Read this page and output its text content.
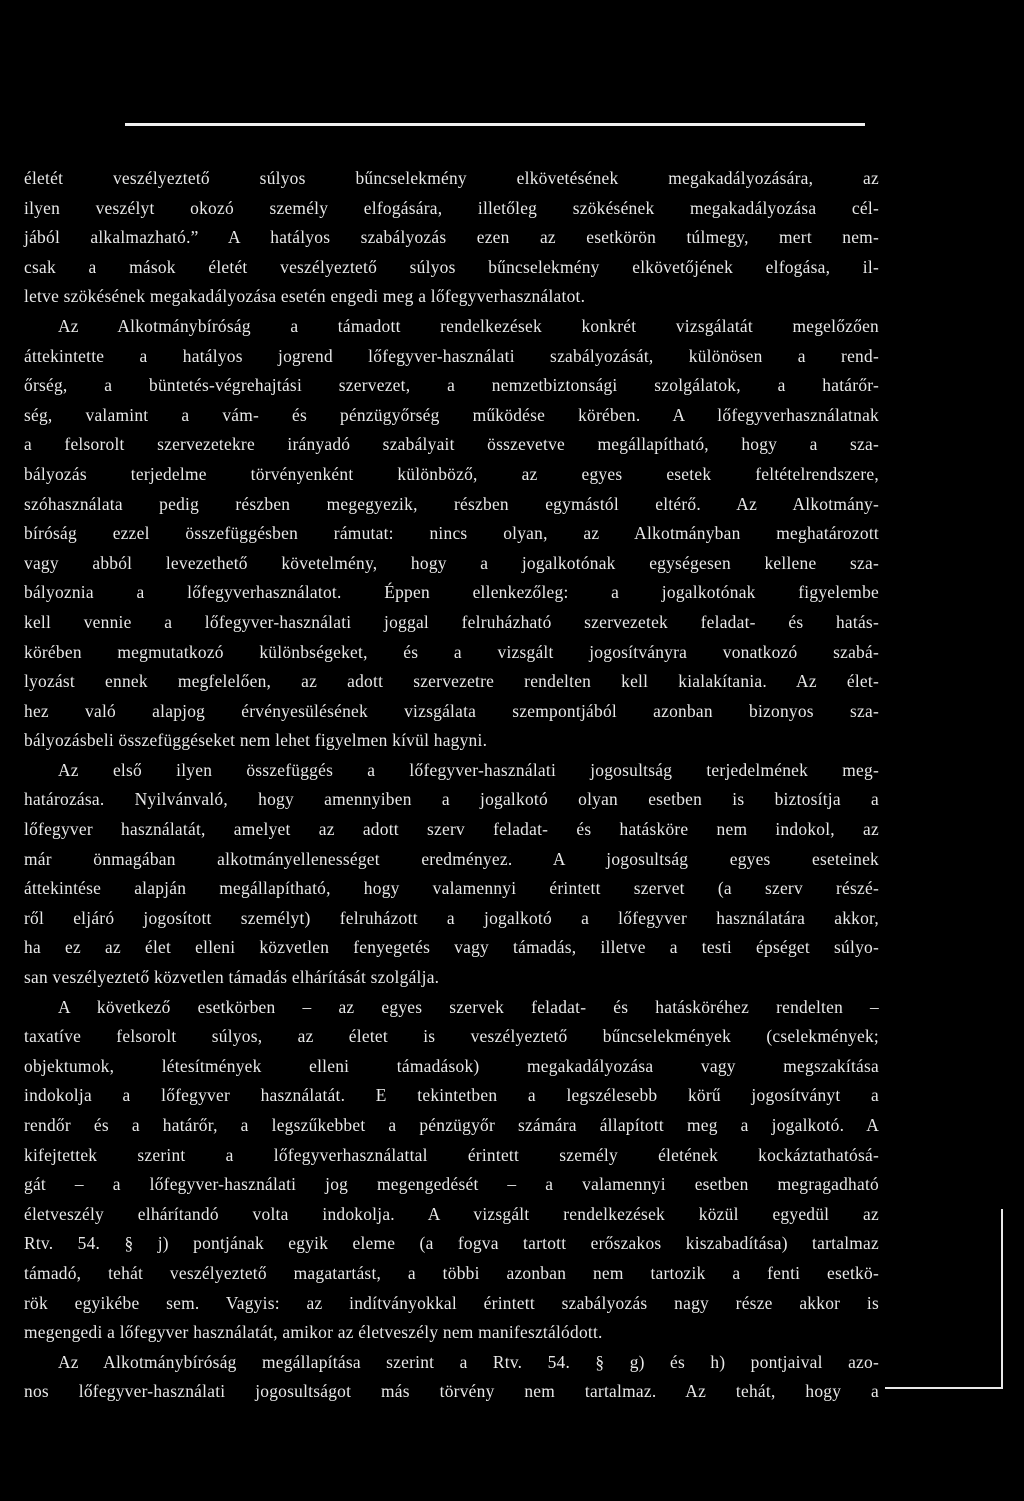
életét veszélyeztető súlyos bűncselekmény elkövetésének megakadályozására, az
ilyen veszélyt okozó személy elfogására, illetőleg szökésének megakadályozása cél-
jából alkalmazható.” A hatályos szabályozás ezen az esetkörön túlmegy, mert nem-
csak a mások életét veszélyeztető súlyos bűncselekmény elkövetőjének elfogása, il-
letve szökésének megakadályozása esetén engedi meg a lőfegyverhasználatot.
Az Alkotmánybíróság a támadott rendelkezések konkrét vizsgálatát megelőzően
áttekintette a hatályos jogrend lőfegyver-használati szabályozását, különösen a rend-
őrség, a büntetés-végrehajtási szervezet, a nemzetbiztonsági szolgálatok, a határőr-
ség, valamint a vám- és pénzügyőrség működése körében. A lőfegyverhasználatnak
a felsorolt szervezetekre irányadó szabályait összevetve megállapítható, hogy a sza-
bályozás terjedelme törvényenként különböző, az egyes esetek feltételrendszere,
szóhasználata pedig részben megegyezik, részben egymástól eltérő. Az Alkotmány-
bíróság ezzel összefüggésben rámutat: nincs olyan, az Alkotmányban meghatározott
vagy abból levezethető követelmény, hogy a jogalkotónak egységesen kellene sza-
bályoznia a lőfegyverhasználatot. Éppen ellenkezőleg: a jogalkotónak figyelembe
kell vennie a lőfegyver-használati joggal felruházható szervezetek feladat- és hatás-
körében megmutatkozó különbségeket, és a vizsgált jogosítványra vonatkozó szabá-
lyozást ennek megfelelően, az adott szervezetre rendelten kell kialakítania. Az élet-
hez való alapjog érvényesülésének vizsgálata szempontjából azonban bizonyos sza-
bályozásbeli összefüggéseket nem lehet figyelmen kívül hagyni.
Az első ilyen összefüggés a lőfegyver-használati jogosultság terjedelmének meg-
határozása. Nyilvánvaló, hogy amennyiben a jogalkotó olyan esetben is biztosítja a
lőfegyver használatát, amelyet az adott szerv feladat- és hatásköre nem indokol, az
már önmagában alkotmányellenességet eredményez. A jogosultság egyes eseteinek
áttekintése alapján megállapítható, hogy valamennyi érintett szervet (a szerv részé-
ről eljáró jogosított személyt) felruházott a jogalkotó a lőfegyver használatára akkor,
ha ez az élet elleni közvetlen fenyegetés vagy támadás, illetve a testi épséget súlyo-
san veszélyeztető közvetlen támadás elhárítását szolgálja.
A következő esetkörben – az egyes szervek feladat- és hatásköréhez rendelten –
taxatíve felsorolt súlyos, az életet is veszélyeztető bűncselekmények (cselekmények;
objektumok, létesítmények elleni támadások) megakadályozása vagy megszakítása
indokolja a lőfegyver használatát. E tekintetben a legszélesebb körű jogosítványt a
rendőr és a határőr, a legszűkebbet a pénzügyőr számára állapított meg a jogalkotó. A
kifejtettek szerint a lőfegyverhasználattal érintett személy életének kockáztathatósá-
gát – a lőfegyver-használati jog megengedését – a valamennyi esetben megragadható
életveszély elhárítandó volta indokolja. A vizsgált rendelkezések közül egyedül az
Rtv. 54. § j) pontjának egyik eleme (a fogva tartott erőszakos kiszabadítása) tartalmaz
támadó, tehát veszélyeztető magatartást, a többi azonban nem tartozik a fenti esetkö-
rök egyikébe sem. Vagyis: az indítványokkal érintett szabályozás nagy része akkor is
megengedi a lőfegyver használatát, amikor az életveszély nem manifesztálódott.
Az Alkotmánybíróság megállapítása szerint a Rtv. 54. § g) és h) pontjaival azo-
nos lőfegyver-használati jogosultságot más törvény nem tartalmaz. Az tehát, hogy a
